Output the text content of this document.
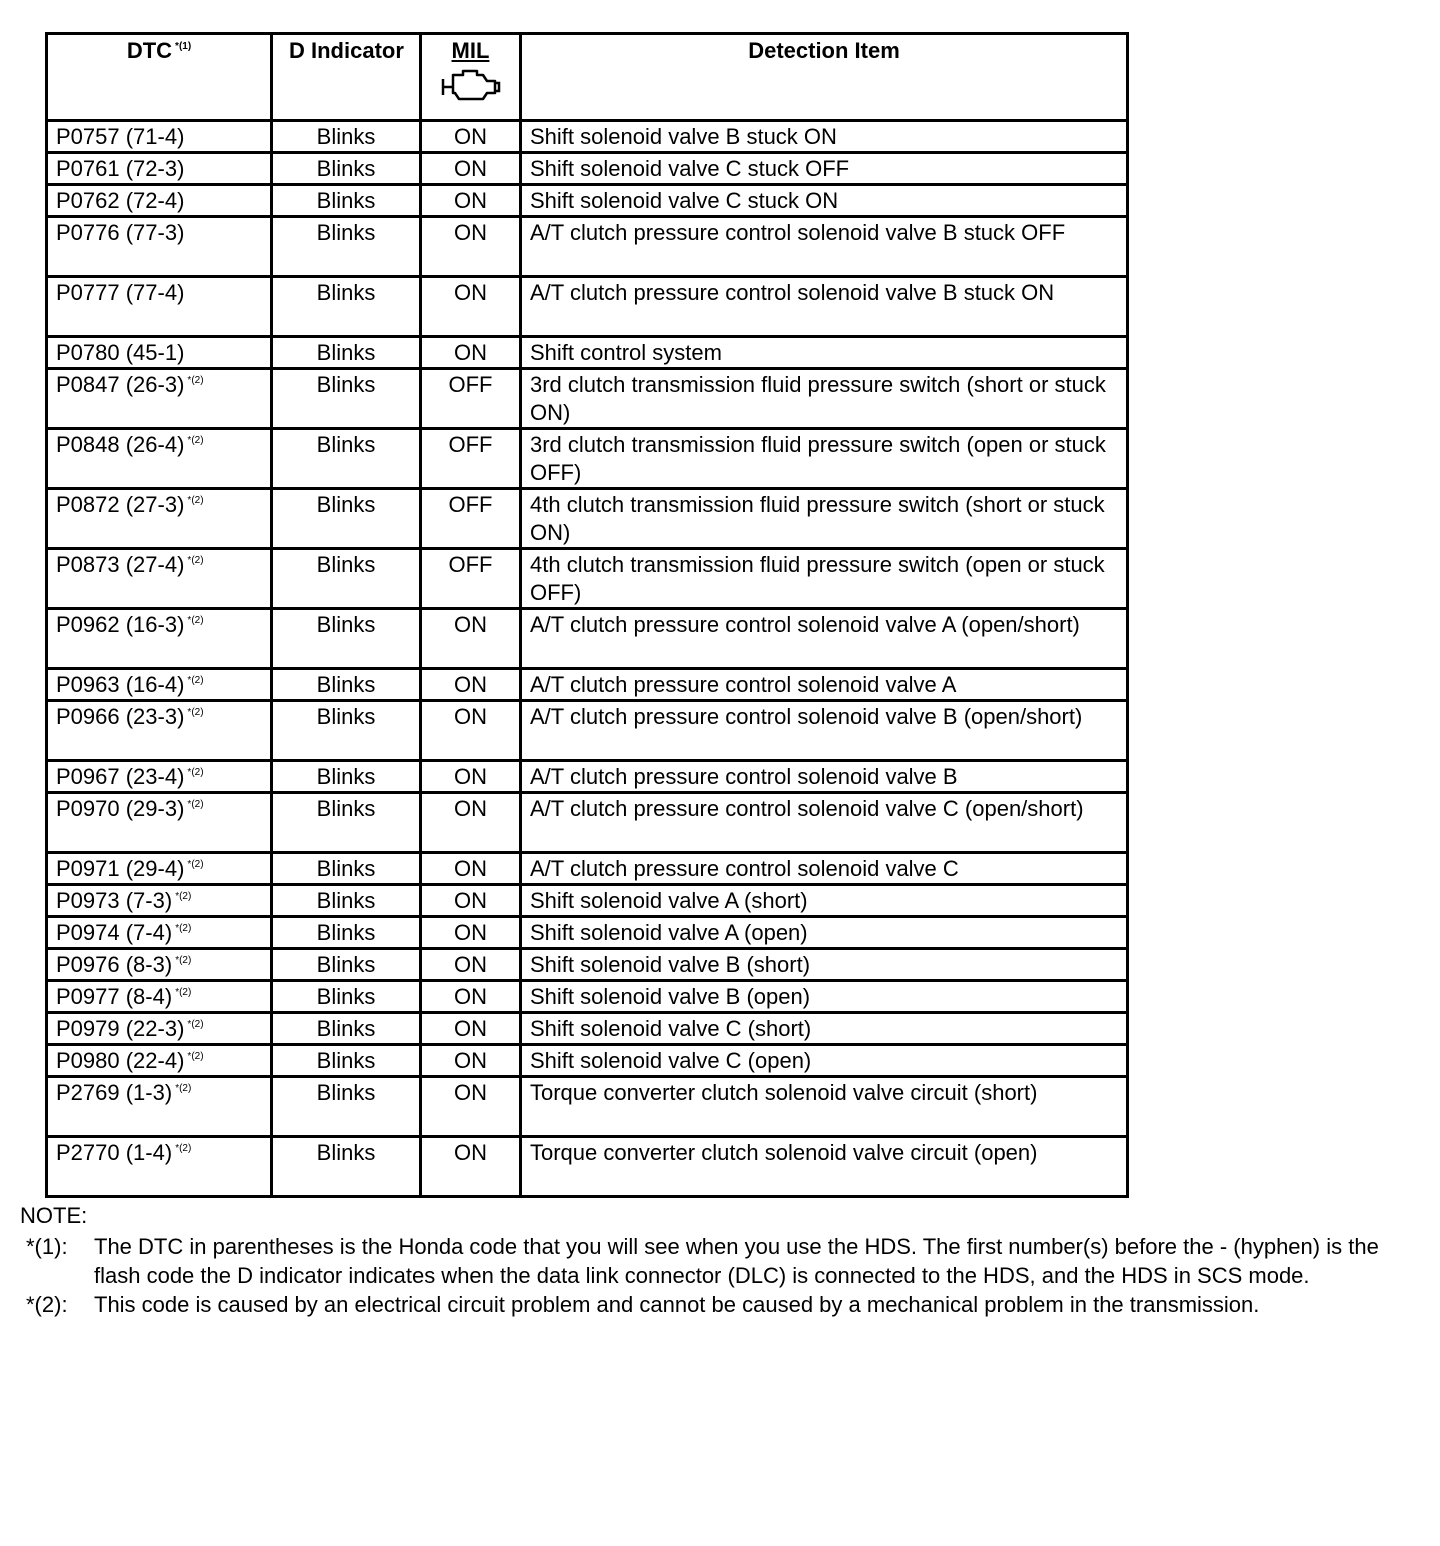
DTC $^{*(1)}$	D Indicator	MIL	Detection Item
P0757 (71-4)	Blinks	ON	Shift solenoid valve B stuck ON
P0761 (72-3)	Blinks	ON	Shift solenoid valve C stuck OFF
P0762 (72-4)	Blinks	ON	Shift solenoid valve C stuck ON
P0776 (77-3)	Blinks	ON	A/T clutch pressure control solenoid valve B stuck OFF
P0777 (77-4)	Blinks	ON	A/T clutch pressure control solenoid valve B stuck ON
P0780 (45-1)	Blinks	ON	Shift control system
P0847 (26-3) $^{*(2)}$	Blinks	OFF	3rd clutch transmission fluid pressure switch (short or stuck ON)
P0848 (26-4) $^{*(2)}$	Blinks	OFF	3rd clutch transmission fluid pressure switch (open or stuck OFF)
P0872 (27-3) $^{*(2)}$	Blinks	OFF	4th clutch transmission fluid pressure switch (short or stuck ON)
P0873 (27-4) $^{*(2)}$	Blinks	OFF	4th clutch transmission fluid pressure switch (open or stuck OFF)
P0962 (16-3) $^{*(2)}$	Blinks	ON	A/T clutch pressure control solenoid valve A (open/short)
P0963 (16-4) $^{*(2)}$	Blinks	ON	A/T clutch pressure control solenoid valve A
P0966 (23-3) $^{*(2)}$	Blinks	ON	A/T clutch pressure control solenoid valve B (open/short)
P0967 (23-4) $^{*(2)}$	Blinks	ON	A/T clutch pressure control solenoid valve B
P0970 (29-3) $^{*(2)}$	Blinks	ON	A/T clutch pressure control solenoid valve C (open/short)
P0971 (29-4) $^{*(2)}$	Blinks	ON	A/T clutch pressure control solenoid valve C
P0973 (7-3) $^{*(2)}$	Blinks	ON	Shift solenoid valve A (short)
P0974 (7-4) $^{*(2)}$	Blinks	ON	Shift solenoid valve A (open)
P0976 (8-3) $^{*(2)}$	Blinks	ON	Shift solenoid valve B (short)
P0977 (8-4) $^{*(2)}$	Blinks	ON	Shift solenoid valve B (open)
P0979 (22-3) $^{*(2)}$	Blinks	ON	Shift solenoid valve C (short)
P0980 (22-4) $^{*(2)}$	Blinks	ON	Shift solenoid valve C (open)
P2769 (1-3) $^{*(2)}$	Blinks	ON	Torque converter clutch solenoid valve circuit (short)
P2770 (1-4) $^{*(2)}$	Blinks	ON	Torque converter clutch solenoid valve circuit (open)
NOTE:
*(1):	The DTC in parentheses is the Honda code that you will see when you use the HDS. The first number(s) before the - (hyphen) is the flash code the D indicator indicates when the data link connector (DLC) is connected to the HDS, and the HDS in SCS mode.
*(2):	This code is caused by an electrical circuit problem and cannot be caused by a mechanical problem in the transmission.
